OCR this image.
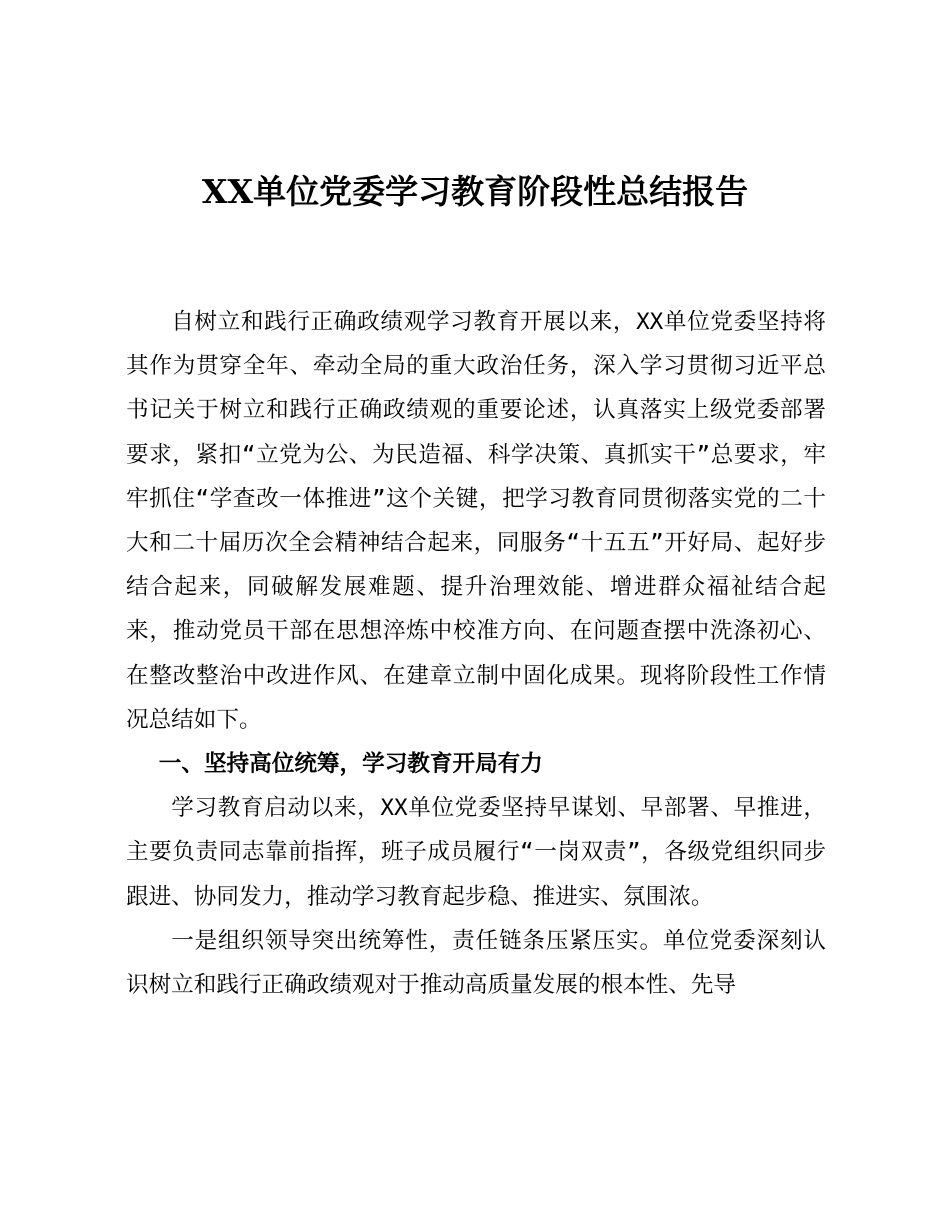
XX单位党委学习教育阶段性总结报告

自树立和践行正确政绩观学习教育开展以来，XX单位党委坚持将其作为贯穿全年、牵动全局的重大政治任务，深入学习贯彻习近平总书记关于树立和践行正确政绩观的重要论述，认真落实上级党委部署要求，紧扣“立党为公、为民造福、科学决策、真抓实干”总要求，牢牢抓住“学查改一体推进”这个关键，把学习教育同贯彻落实党的二十大和二十届历次全会精神结合起来，同服务“十五五”开好局、起好步结合起来，同破解发展难题、提升治理效能、增进群众福祉结合起来，推动党员干部在思想淬炼中校准方向、在问题查摆中洗涤初心、在整改整治中改进作风、在建章立制中固化成果。现将阶段性工作情况总结如下。

一、坚持高位统筹，学习教育开局有力

学习教育启动以来，XX单位党委坚持早谋划、早部署、早推进，主要负责同志靠前指挥，班子成员履行“一岗双责”，各级党组织同步跟进、协同发力，推动学习教育起步稳、推进实、氛围浓。

一是组织领导突出统筹性，责任链条压紧压实。单位党委深刻认识树立和践行正确政绩观对于推动高质量发展的根本性、先导
